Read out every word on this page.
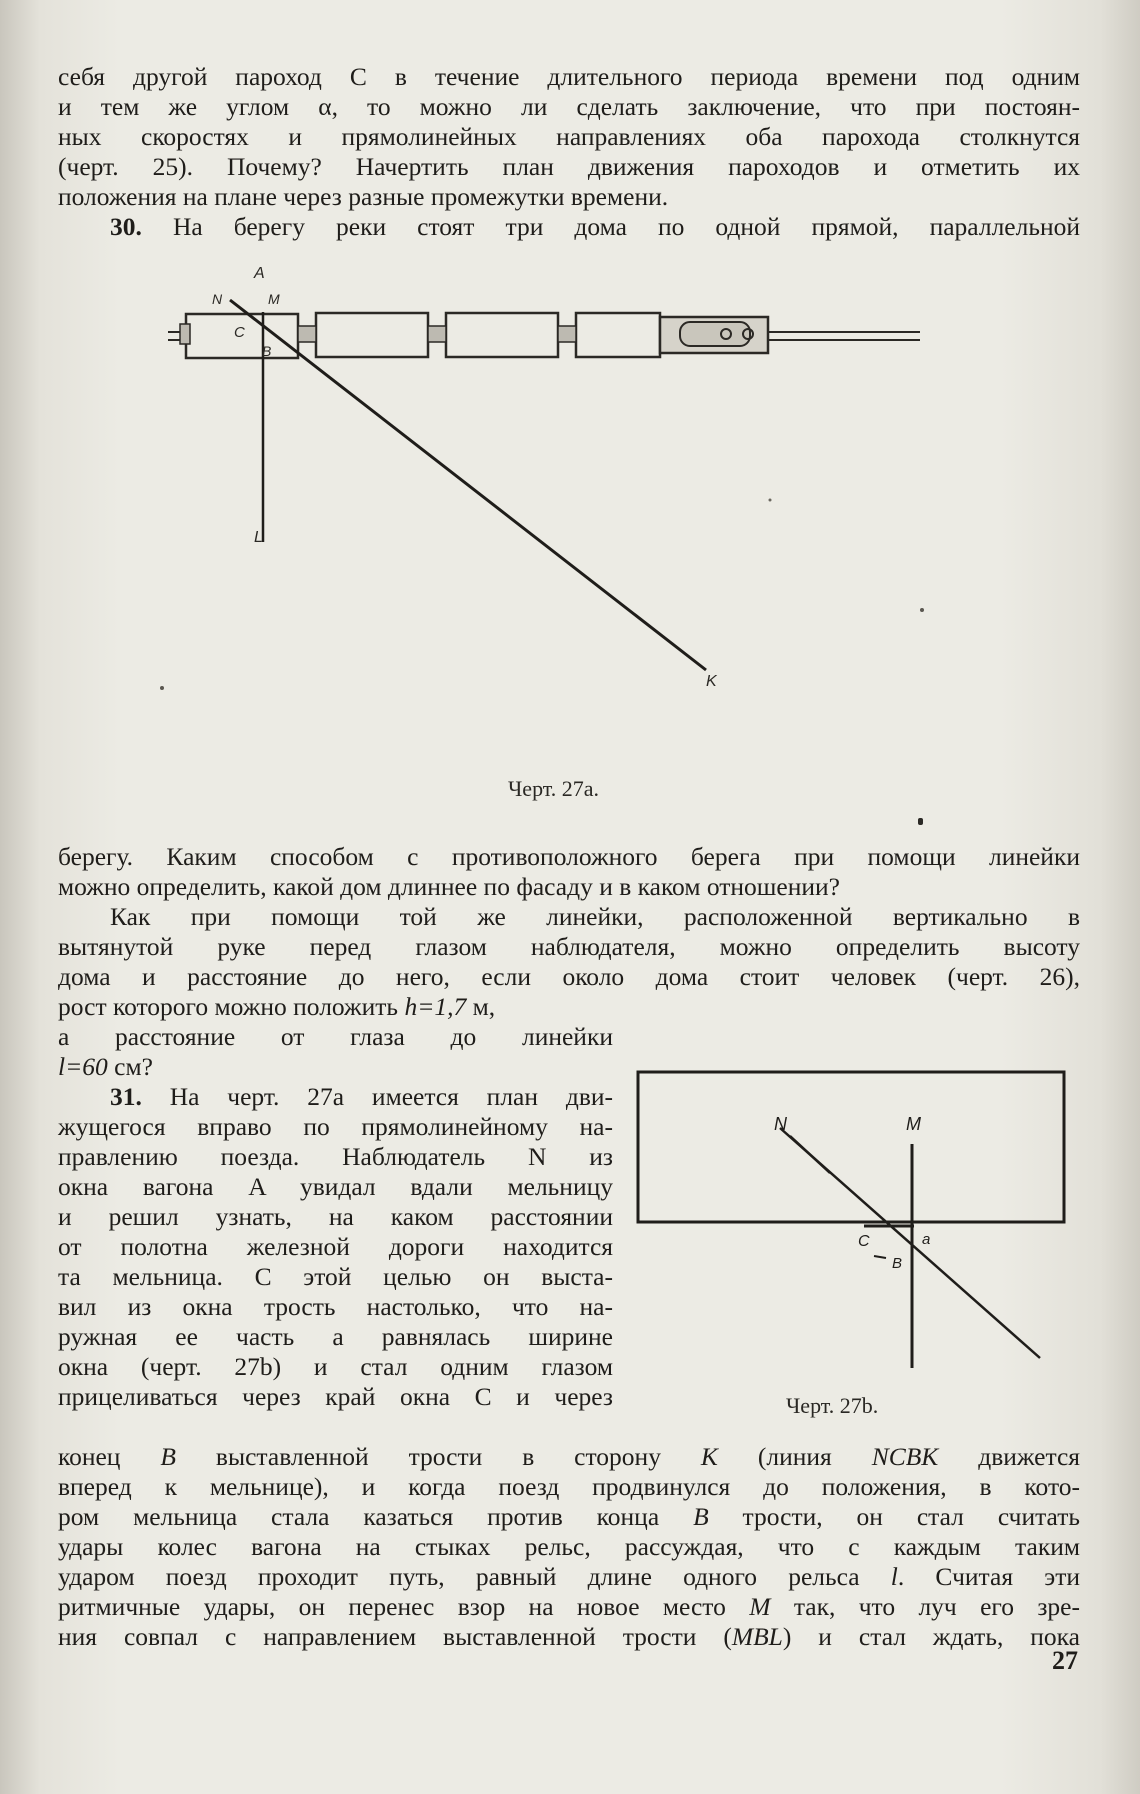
себя другой пароход C в течение длительного периода времени под одним
и тем же углом α, то можно ли сделать заключение, что при постоян-
ных скоростях и прямолинейных направлениях оба парохода столкнутся
(черт. 25). Почему? Начертить план движения пароходов и отметить их
положения на плане через разные промежутки времени.
30. На берегу реки стоят три дома по одной прямой, параллельной
A
N	M
C
B
L
K
Черт. 27a.
берегу. Каким способом с противоположного берега при помощи линейки
можно определить, какой дом длиннее по фасаду и в каком отношении?
Как при помощи той же линейки, расположенной вертикально в
вытянутой руке перед глазом наблюдателя, можно определить высоту
дома и расстояние до него, если около дома стоит человек (черт. 26),
рост которого можно положить h=1,7 м,
а расстояние от глаза до линейки
l=60 см?
31. На черт. 27а имеется план дви-
жущегося вправо по прямолинейному на-
правлению поезда. Наблюдатель N из
окна вагона A увидал вдали мельницу
и решил узнать, на каком расстоянии
от полотна железной дороги находится
та мельница. С этой целью он выста-
вил из окна трость настолько, что на-
ружная ее часть a равнялась ширине
окна (черт. 27b) и стал одним глазом
прицеливаться через край окна C и через
N	M
C	a
B
Черт. 27b.
конец B выставленной трости в сторону K (линия NCBK движется
вперед к мельнице), и когда поезд продвинулся до положения, в кото-
ром мельница стала казаться против конца B трости, он стал считать
удары колес вагона на стыках рельс, рассуждая, что с каждым таким
ударом поезд проходит путь, равный длине одного рельса l. Считая эти
ритмичные удары, он перенес взор на новое место M так, что луч его зре-
ния совпал с направлением выставленной трости (MBL) и стал ждать, пока
27
